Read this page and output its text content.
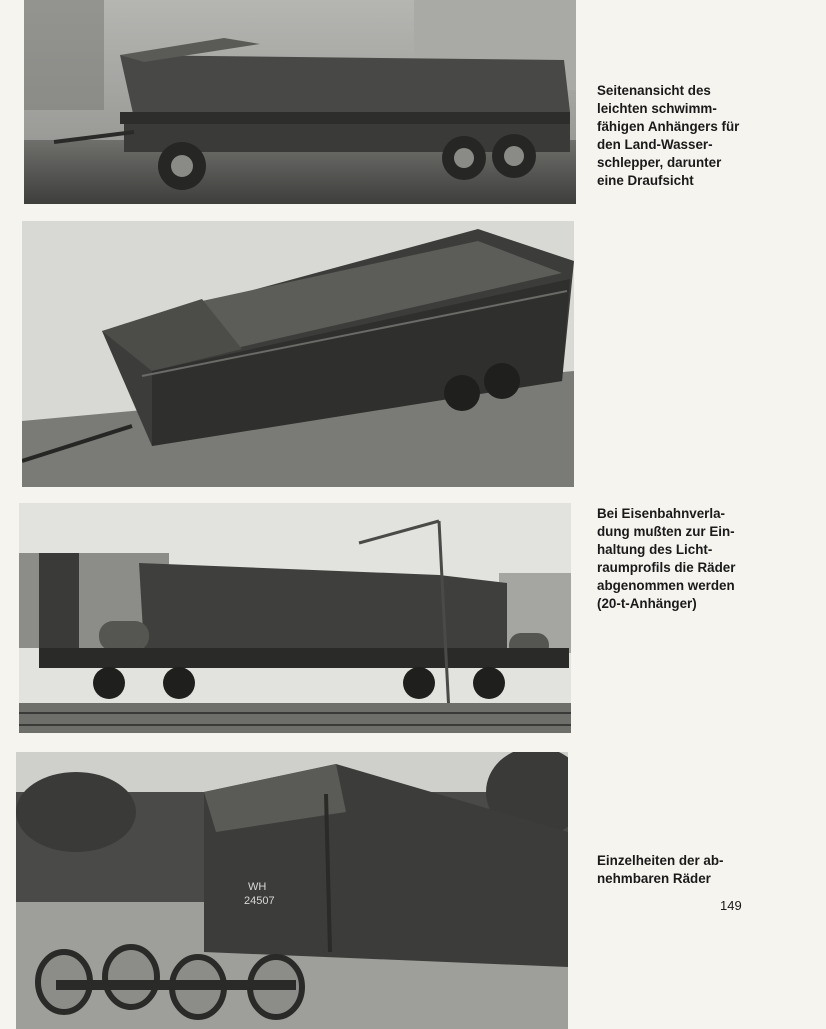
Seitenansicht des
leichten schwimm-
fähigen Anhängers für
den Land-Wasser-
schlepper, darunter
eine Draufsicht

Bei Eisenbahnverla-
dung mußten zur Ein-
haltung des Licht-
raumprofils die Räder
abgenommen werden
(20-t-Anhänger)

WH
24507

Einzelheiten der ab-
nehmbaren Räder

149
